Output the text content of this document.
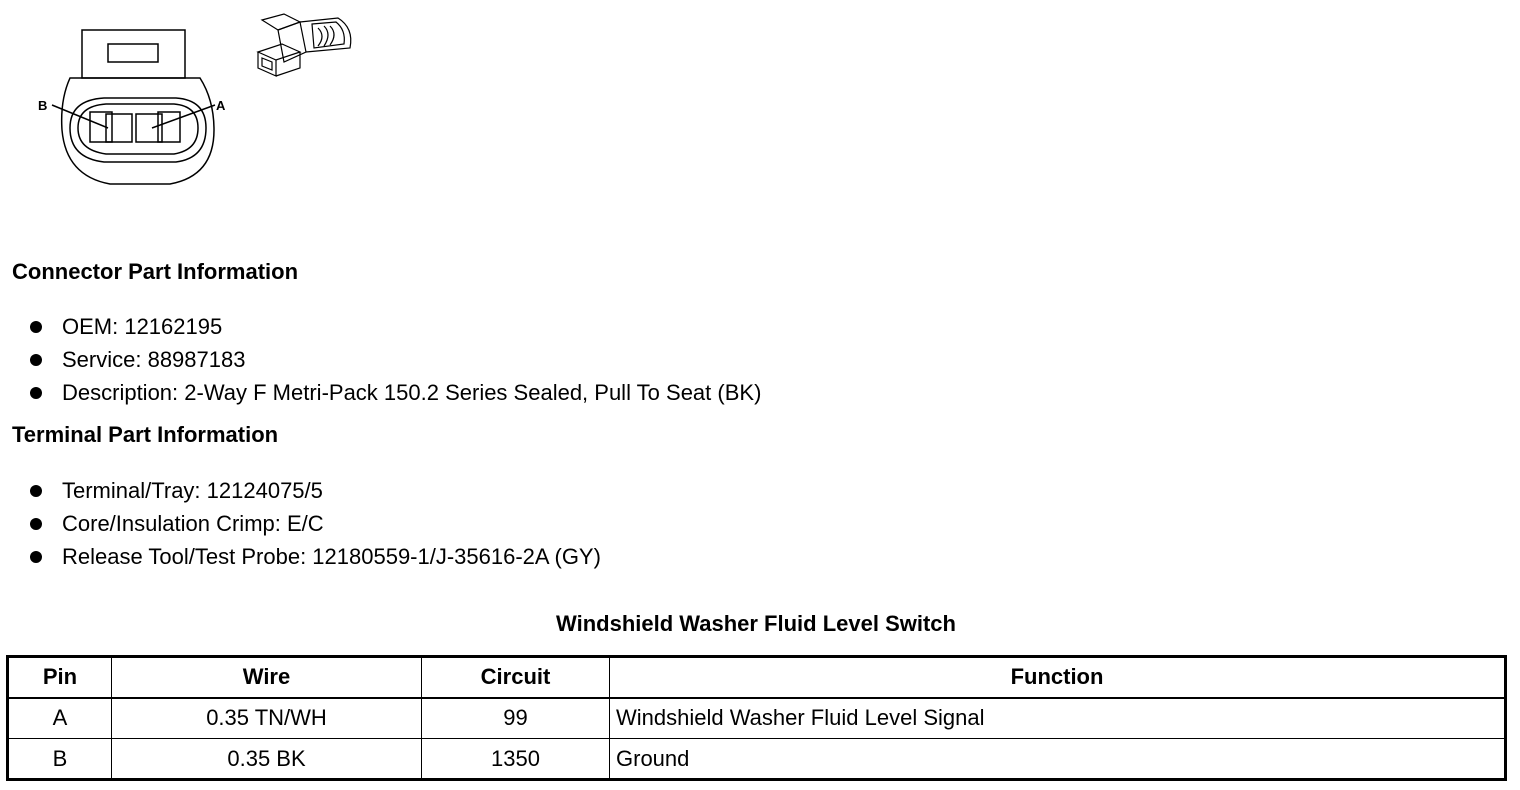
B	A
Connector Part Information
OEM: 12162195
Service: 88987183
Description: 2-Way F Metri-Pack 150.2 Series Sealed, Pull To Seat (BK)
Terminal Part Information
Terminal/Tray: 12124075/5
Core/Insulation Crimp: E/C
Release Tool/Test Probe: 12180559-1/J-35616-2A (GY)
Windshield Washer Fluid Level Switch
Pin	Wire	Circuit	Function
A	0.35 TN/WH	99	Windshield Washer Fluid Level Signal
B	0.35 BK	1350	Ground
